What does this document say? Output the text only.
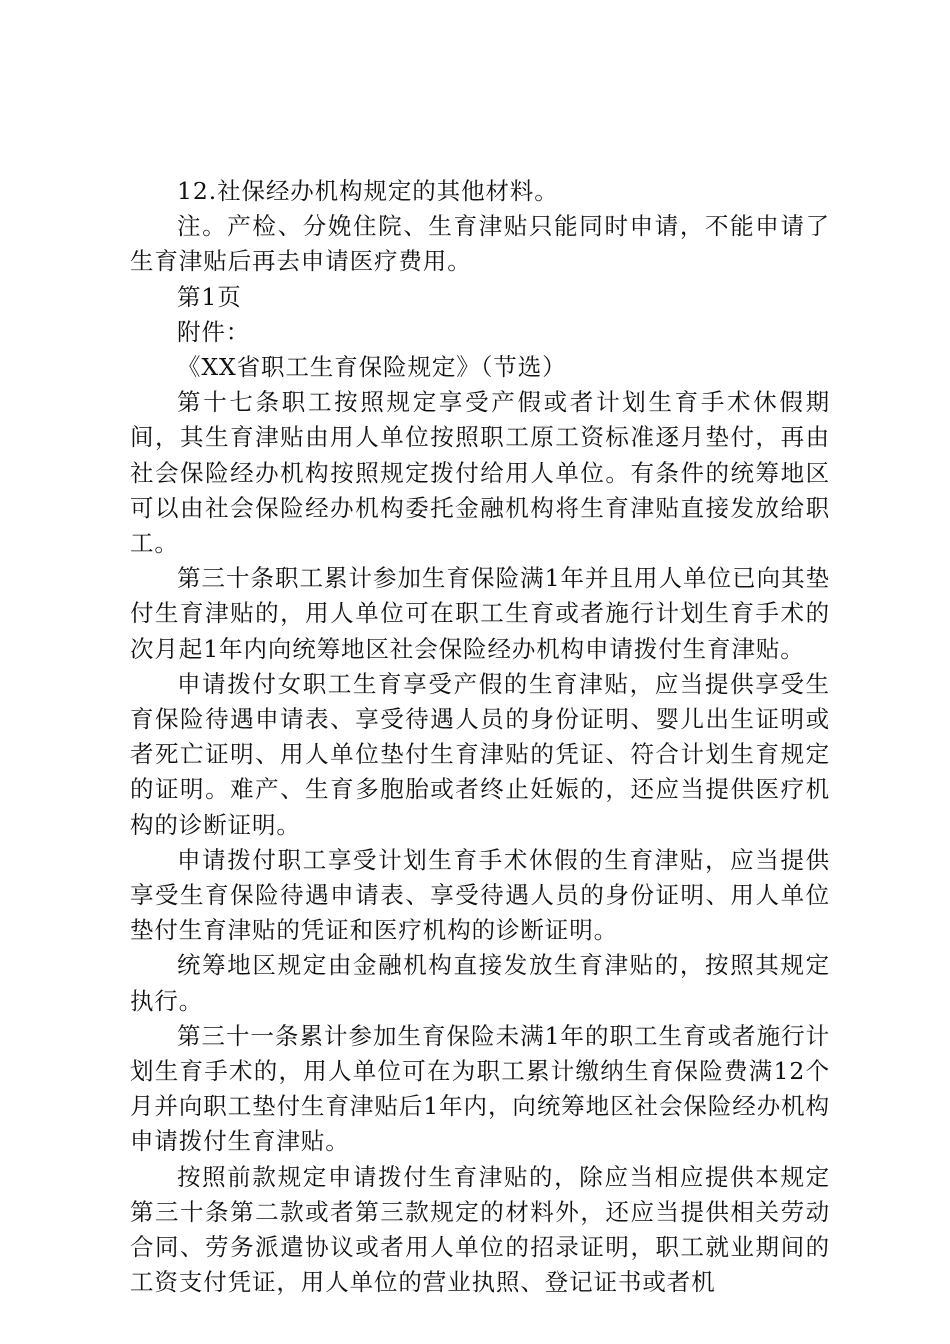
12.社保经办机构规定的其他材料。

注。产检、分娩住院、生育津贴只能同时申请，不能申请了生育津贴后再去申请医疗费用。

第1页

附件：

《XX省职工生育保险规定》（节选）

第十七条职工按照规定享受产假或者计划生育手术休假期间，其生育津贴由用人单位按照职工原工资标准逐月垫付，再由社会保险经办机构按照规定拨付给用人单位。有条件的统筹地区可以由社会保险经办机构委托金融机构将生育津贴直接发放给职工。

第三十条职工累计参加生育保险满1年并且用人单位已向其垫付生育津贴的，用人单位可在职工生育或者施行计划生育手术的次月起1年内向统筹地区社会保险经办机构申请拨付生育津贴。

申请拨付女职工生育享受产假的生育津贴，应当提供享受生育保险待遇申请表、享受待遇人员的身份证明、婴儿出生证明或者死亡证明、用人单位垫付生育津贴的凭证、符合计划生育规定的证明。难产、生育多胞胎或者终止妊娠的，还应当提供医疗机构的诊断证明。

申请拨付职工享受计划生育手术休假的生育津贴，应当提供享受生育保险待遇申请表、享受待遇人员的身份证明、用人单位垫付生育津贴的凭证和医疗机构的诊断证明。

统筹地区规定由金融机构直接发放生育津贴的，按照其规定执行。

第三十一条累计参加生育保险未满1年的职工生育或者施行计划生育手术的，用人单位可在为职工累计缴纳生育保险费满12个月并向职工垫付生育津贴后1年内，向统筹地区社会保险经办机构申请拨付生育津贴。

按照前款规定申请拨付生育津贴的，除应当相应提供本规定第三十条第二款或者第三款规定的材料外，还应当提供相关劳动合同、劳务派遣协议或者用人单位的招录证明，职工就业期间的工资支付凭证，用人单位的营业执照、登记证书或者机
